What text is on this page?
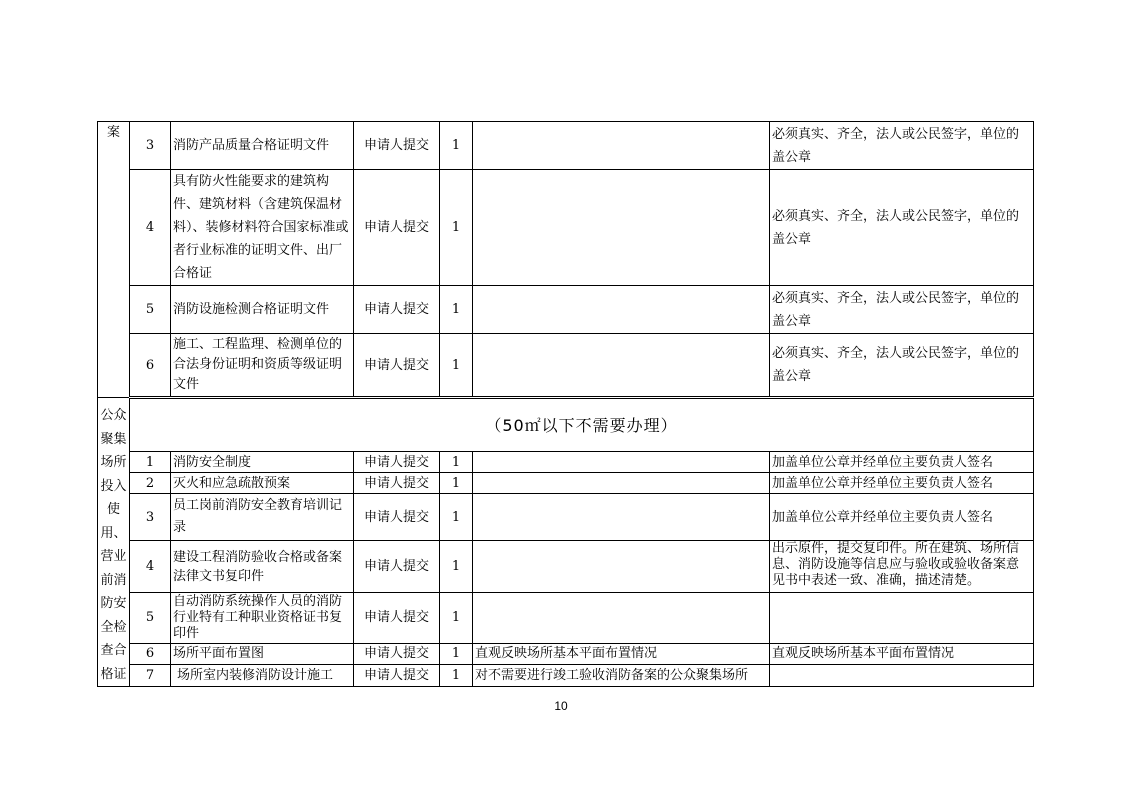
案	3	消防产品质量合格证明文件	申请人提交	1		必须真实、齐全，法人或公民签字，单位的盖公章
	4	具有防火性能要求的建筑构件、建筑材料（含建筑保温材料）、装修材料符合国家标准或者行业标准的证明文件、出厂合格证	申请人提交	1		必须真实、齐全，法人或公民签字，单位的盖公章
	5	消防设施检测合格证明文件	申请人提交	1		必须真实、齐全，法人或公民签字，单位的盖公章
	6	施工、工程监理、检测单位的合法身份证明和资质等级证明文件	申请人提交	1		必须真实、齐全，法人或公民签字，单位的盖公章
公众聚集场所投入使用、营业前消防安全检查合格证	（50㎡以下不需要办理）					
	1	消防安全制度	申请人提交	1		加盖单位公章并经单位主要负责人签名
	2	灭火和应急疏散预案	申请人提交	1		加盖单位公章并经单位主要负责人签名
	3	员工岗前消防安全教育培训记录	申请人提交	1		加盖单位公章并经单位主要负责人签名
	4	建设工程消防验收合格或备案法律文书复印件	申请人提交	1		出示原件，提交复印件。所在建筑、场所信息、消防设施等信息应与验收或验收备案意见书中表述一致、准确，描述清楚。
	5	自动消防系统操作人员的消防行业特有工种职业资格证书复印件	申请人提交	1		
	6	场所平面布置图	申请人提交	1	直观反映场所基本平面布置情况	直观反映场所基本平面布置情况
	7	场所室内装修消防设计施工	申请人提交	1	对不需要进行竣工验收消防备案的公众聚集场所	
10
